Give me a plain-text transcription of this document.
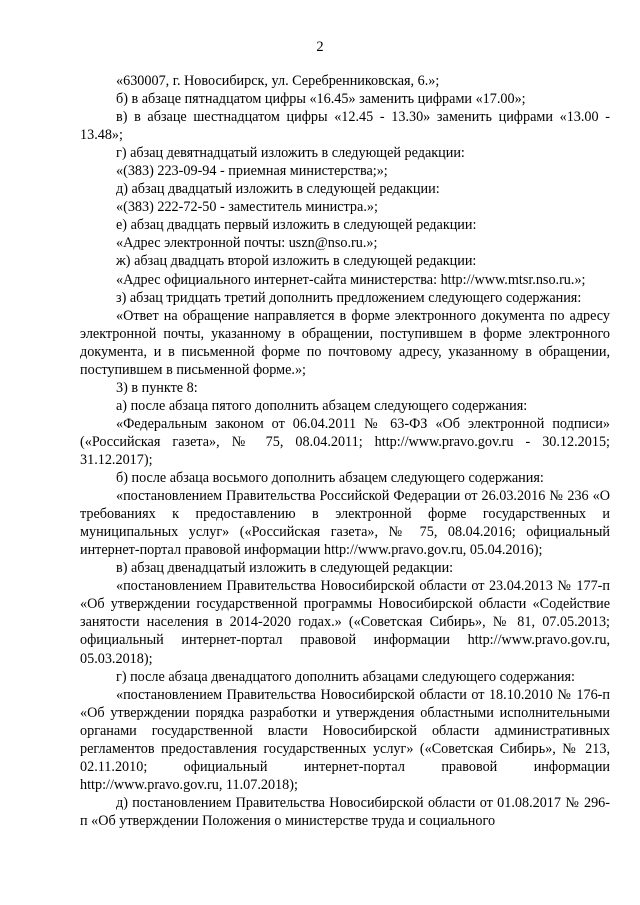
2

«630007, г. Новосибирск, ул. Серебренниковская, 6.»;

б) в абзаце пятнадцатом цифры «16.45» заменить цифрами «17.00»;

в) в абзаце шестнадцатом цифры «12.45 - 13.30» заменить цифрами «13.00 - 13.48»;

г) абзац девятнадцатый изложить в следующей редакции:

«(383) 223-09-94 - приемная министерства;»;

д) абзац двадцатый изложить в следующей редакции:

«(383) 222-72-50 - заместитель министра.»;

е) абзац двадцать первый изложить в следующей редакции:

«Адрес электронной почты: uszn@nso.ru.»;

ж) абзац двадцать второй изложить в следующей редакции:

«Адрес официального интернет-сайта министерства: http://www.mtsr.nso.ru.»;

з) абзац тридцать третий дополнить предложением следующего содержания:

«Ответ на обращение направляется в форме электронного документа по адресу электронной почты, указанному в обращении, поступившем в форме электронного документа, и в письменной форме по почтовому адресу, указанному в обращении, поступившем в письменной форме.»;

3) в пункте 8:

а) после абзаца пятого дополнить абзацем следующего содержания:

«Федеральным законом от 06.04.2011 № 63-ФЗ «Об электронной подписи» («Российская газета», № 75, 08.04.2011; http://www.pravo.gov.ru - 30.12.2015; 31.12.2017);

б) после абзаца восьмого дополнить абзацем следующего содержания:

«постановлением Правительства Российской Федерации от 26.03.2016 № 236 «О требованиях к предоставлению в электронной форме государственных и муниципальных услуг» («Российская газета», № 75, 08.04.2016; официальный интернет-портал правовой информации http://www.pravo.gov.ru, 05.04.2016);

в) абзац двенадцатый изложить в следующей редакции:

«постановлением Правительства Новосибирской области от 23.04.2013 № 177-п «Об утверждении государственной программы Новосибирской области «Содействие занятости населения в 2014-2020 годах.» («Советская Сибирь», № 81, 07.05.2013; официальный интернет-портал правовой информации http://www.pravo.gov.ru, 05.03.2018);

г) после абзаца двенадцатого дополнить абзацами следующего содержания:

«постановлением Правительства Новосибирской области от 18.10.2010 № 176-п «Об утверждении порядка разработки и утверждения областными исполнительными органами государственной власти Новосибирской области административных регламентов предоставления государственных услуг» («Советская Сибирь», № 213, 02.11.2010; официальный интернет-портал правовой информации http://www.pravo.gov.ru, 11.07.2018);

д) постановлением Правительства Новосибирской области от 01.08.2017 № 296-п «Об утверждении Положения о министерстве труда и социального
